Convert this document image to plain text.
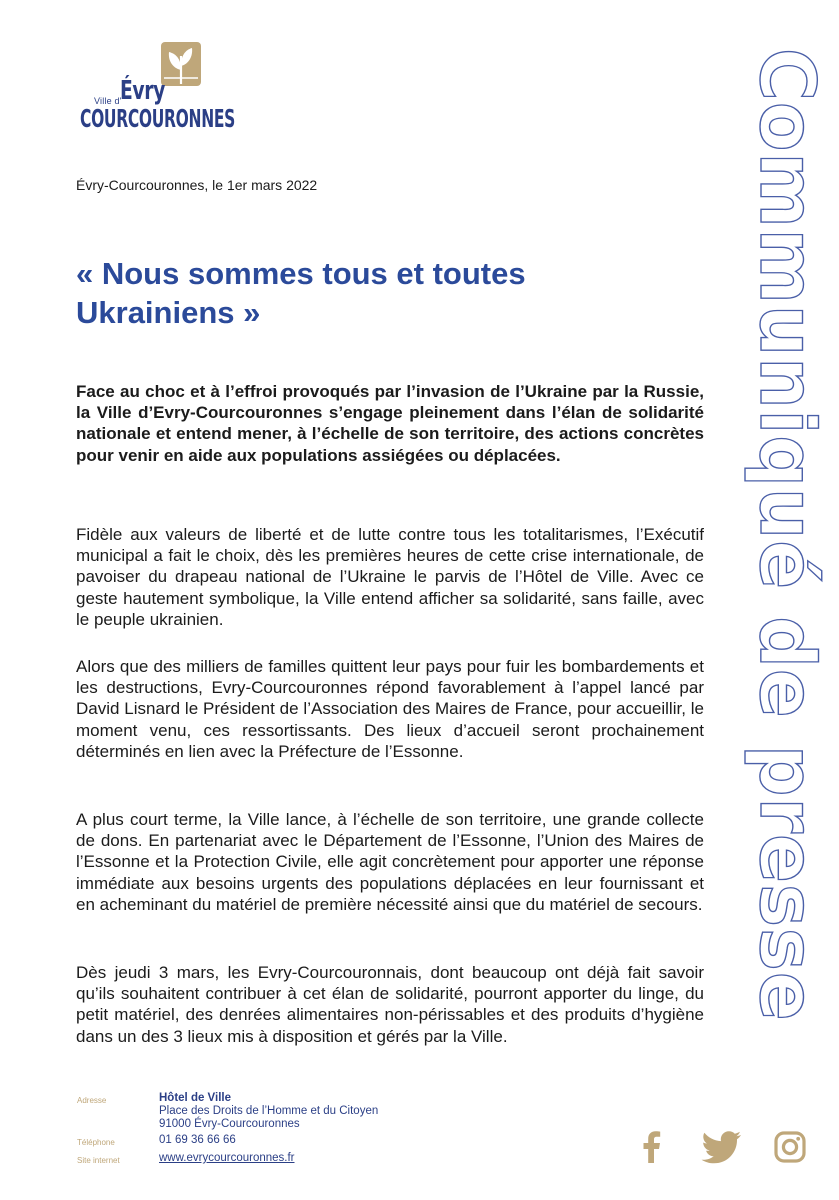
Ville d'
Évry
COURCOURONNES	Communiqué de presse
Évry-Courcouronnes, le 1er mars 2022
« Nous sommes tous et toutes Ukrainiens »

Face au choc et à l’effroi provoqués par l’invasion de l’Ukraine par la Russie, la Ville d’Evry-Courcouronnes s’engage pleinement dans l’élan de solidarité nationale et entend mener, à l’échelle de son territoire, des actions concrètes pour venir en aide aux populations assiégées ou déplacées.

Fidèle aux valeurs de liberté et de lutte contre tous les totalitarismes, l’Exécutif municipal a fait le choix, dès les premières heures de cette crise internationale, de pavoiser du drapeau national de l’Ukraine le parvis de l’Hôtel de Ville. Avec ce geste hautement symbolique, la Ville entend afficher sa solidarité, sans faille, avec le peuple ukrainien.

Alors que des milliers de familles quittent leur pays pour fuir les bombardements et les destructions, Evry-Courcouronnes répond favorablement à l’appel lancé par David Lisnard le Président de l’Association des Maires de France, pour accueillir, le moment venu, ces ressortissants. Des lieux d’accueil seront prochainement déterminés en lien avec la Préfecture de l’Essonne.

A plus court terme, la Ville lance, à l’échelle de son territoire, une grande collecte de dons. En partenariat avec le Département de l’Essonne, l’Union des Maires de l’Essonne et la Protection Civile, elle agit concrètement pour apporter une réponse immédiate aux besoins urgents des populations déplacées en leur fournissant et en acheminant du matériel de première nécessité ainsi que du matériel de secours.

Dès jeudi 3 mars, les Evry-Courcouronnais, dont beaucoup ont déjà fait savoir qu’ils souhaitent contribuer à cet élan de solidarité, pourront apporter du linge, du petit matériel, des denrées alimentaires non-périssables et des produits d’hygiène dans un des 3 lieux mis à disposition et gérés par la Ville.

Adresse	Hôtel de Ville
Place des Droits de l’Homme et du Citoyen
91000 Évry-Courcouronnes
Téléphone	01 69 36 66 66
Site internet	www.evrycourcouronnes.fr
